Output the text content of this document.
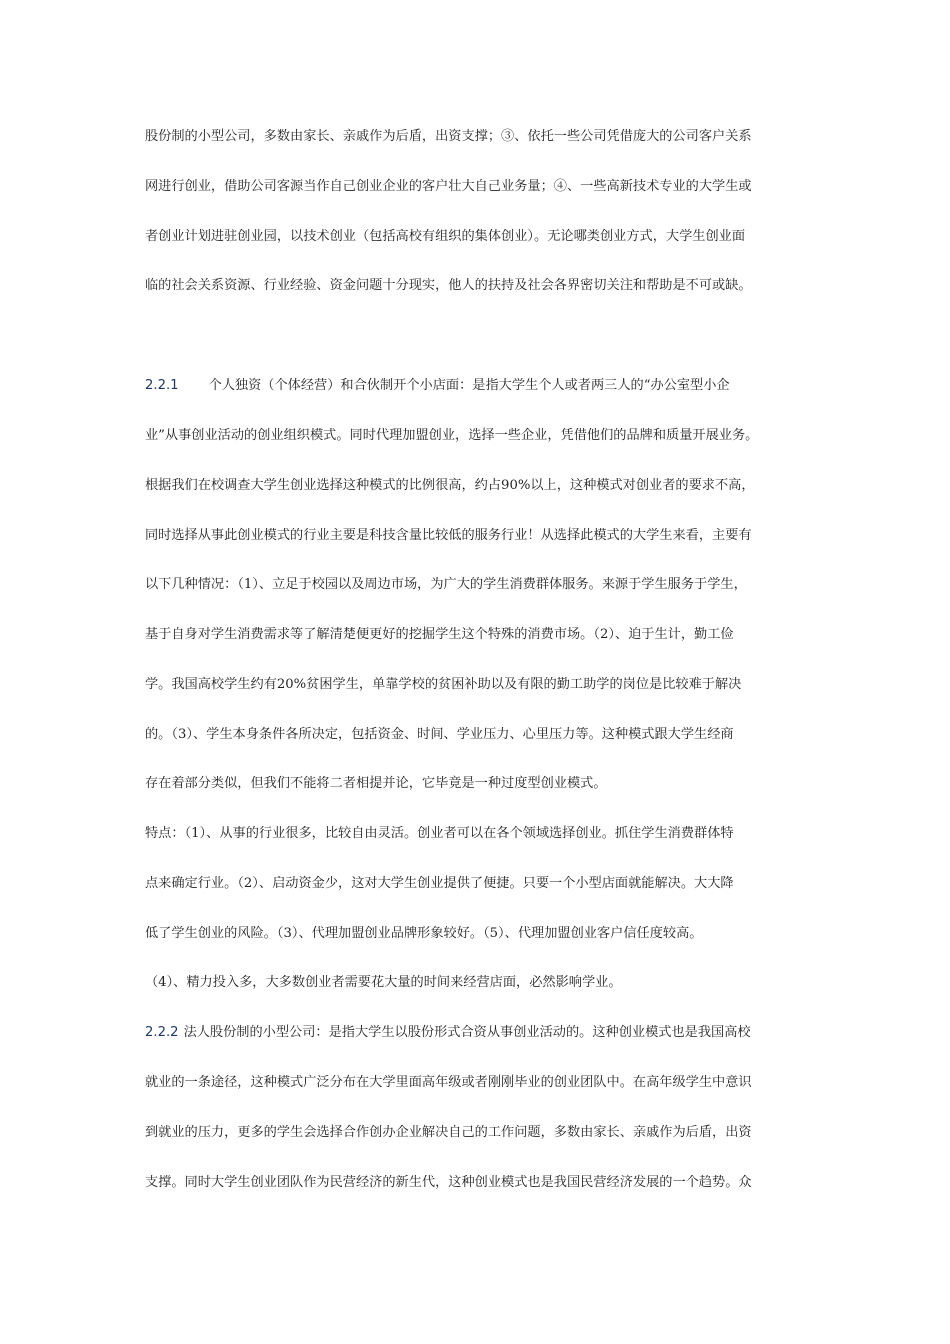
股份制的小型公司，多数由家长、亲戚作为后盾，出资支撑；③、依托一些公司凭借庞大的公司客户关系
网进行创业，借助公司客源当作自己创业企业的客户壮大自己业务量；④、一些高新技术专业的大学生或
者创业计划进驻创业园，以技术创业（包括高校有组织的集体创业）。无论哪类创业方式，大学生创业面
临的社会关系资源、行业经验、资金问题十分现实，他人的扶持及社会各界密切关注和帮助是不可或缺。
2.2.1 个人独资（个体经营）和合伙制开个小店面：是指大学生个人或者两三人的“办公室型小企
业”从事创业活动的创业组织模式。同时代理加盟创业，选择一些企业，凭借他们的品牌和质量开展业务。
根据我们在校调查大学生创业选择这种模式的比例很高，约占90%以上，这种模式对创业者的要求不高，
同时选择从事此创业模式的行业主要是科技含量比较低的服务行业！从选择此模式的大学生来看，主要有
以下几种情况：（1）、立足于校园以及周边市场，为广大的学生消费群体服务。来源于学生服务于学生，
基于自身对学生消费需求等了解清楚便更好的挖掘学生这个特殊的消费市场。（2）、迫于生计，勤工俭
学。我国高校学生约有20%贫困学生，单靠学校的贫困补助以及有限的勤工助学的岗位是比较难于解决
的。（3）、学生本身条件各所决定，包括资金、时间、学业压力、心里压力等。这种模式跟大学生经商
存在着部分类似，但我们不能将二者相提并论，它毕竟是一种过度型创业模式。
特点：（1）、从事的行业很多，比较自由灵活。创业者可以在各个领域选择创业。抓住学生消费群体特
点来确定行业。（2）、启动资金少，这对大学生创业提供了便捷。只要一个小型店面就能解决。大大降
低了学生创业的风险。（3）、代理加盟创业品牌形象较好。（5）、代理加盟创业客户信任度较高。
（4）、精力投入多，大多数创业者需要花大量的时间来经营店面，必然影响学业。
2.2.2 法人股份制的小型公司：是指大学生以股份形式合资从事创业活动的。这种创业模式也是我国高校
就业的一条途径，这种模式广泛分布在大学里面高年级或者刚刚毕业的创业团队中。在高年级学生中意识
到就业的压力，更多的学生会选择合作创办企业解决自己的工作问题，多数由家长、亲戚作为后盾，出资
支撑。同时大学生创业团队作为民营经济的新生代，这种创业模式也是我国民营经济发展的一个趋势。众
